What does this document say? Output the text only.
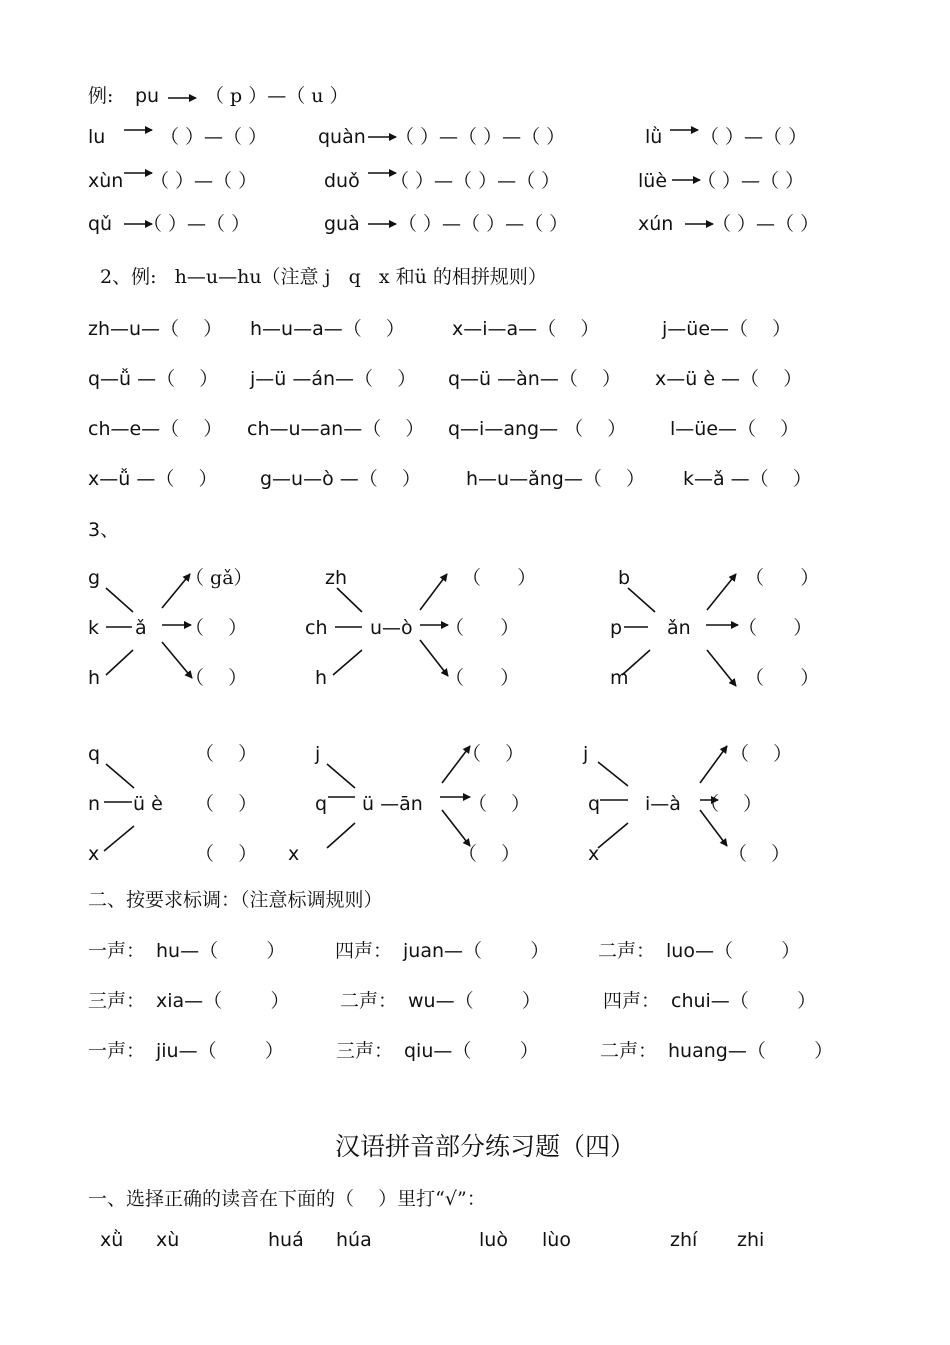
例: pu （ p ）—（ u ）
lu	（ ）—（ ）	quàn （ ）—（ ）—（ ）	lǜ （ ）—（ ）
xùn （ ）—（ ）	duǒ （ ）—（ ）—（ ）	lüè （ ）—（ ）
qǔ （ ）—（ ）	guà （ ）—（ ）—（ ）	xún （ ）—（ ）
2、例:   h—u—hu（注意 j   q   x 和ü 的相拼规则）
zh—u—（    ） h—u—a—（    ） x—i—a—（    ）	j—üe—（    ）
q—ǚ —（    ） j—ü —án—（    ） q—ü —àn—（    ） x—ü è —（    ）
ch—e—（    ） ch—u—an—（    ） q—i—ang— （    ） l—üe—（    ）
x—ǚ —（    ） g—u—ò —（    ） h—u—ǎng—（    ） k—ǎ —（    ）
3、
g
k
h
ǎ
（ gǎ）
（    ）
（    ）
zh
ch
h
u—ò
（      ）
（      ）
（      ）
b
p
m
ǎn
（      ）
（      ）
（      ）
q
n
x
ü è
（    ）
（    ）
（    ）
j
q
x
ü —ān
（    ）
（    ）
（    ）
j
q
x
i—à
（    ）
（    ）
（    ）
二、按要求标调：（注意标调规则）
一声： hu—（        ）	四声： juan—（        ）	二声： luo—（        ）
三声： xia—（        ）	二声： wu—（        ）	四声： chui—（        ）
一声： jiu—（        ）	三声： qiu—（        ）	二声： huang—（        ）
汉语拼音部分练习题（四）
一、选择正确的读音在下面的（    ）里打“√”：
xǜ xù	huá húa	luò lùo	zhí zhi
